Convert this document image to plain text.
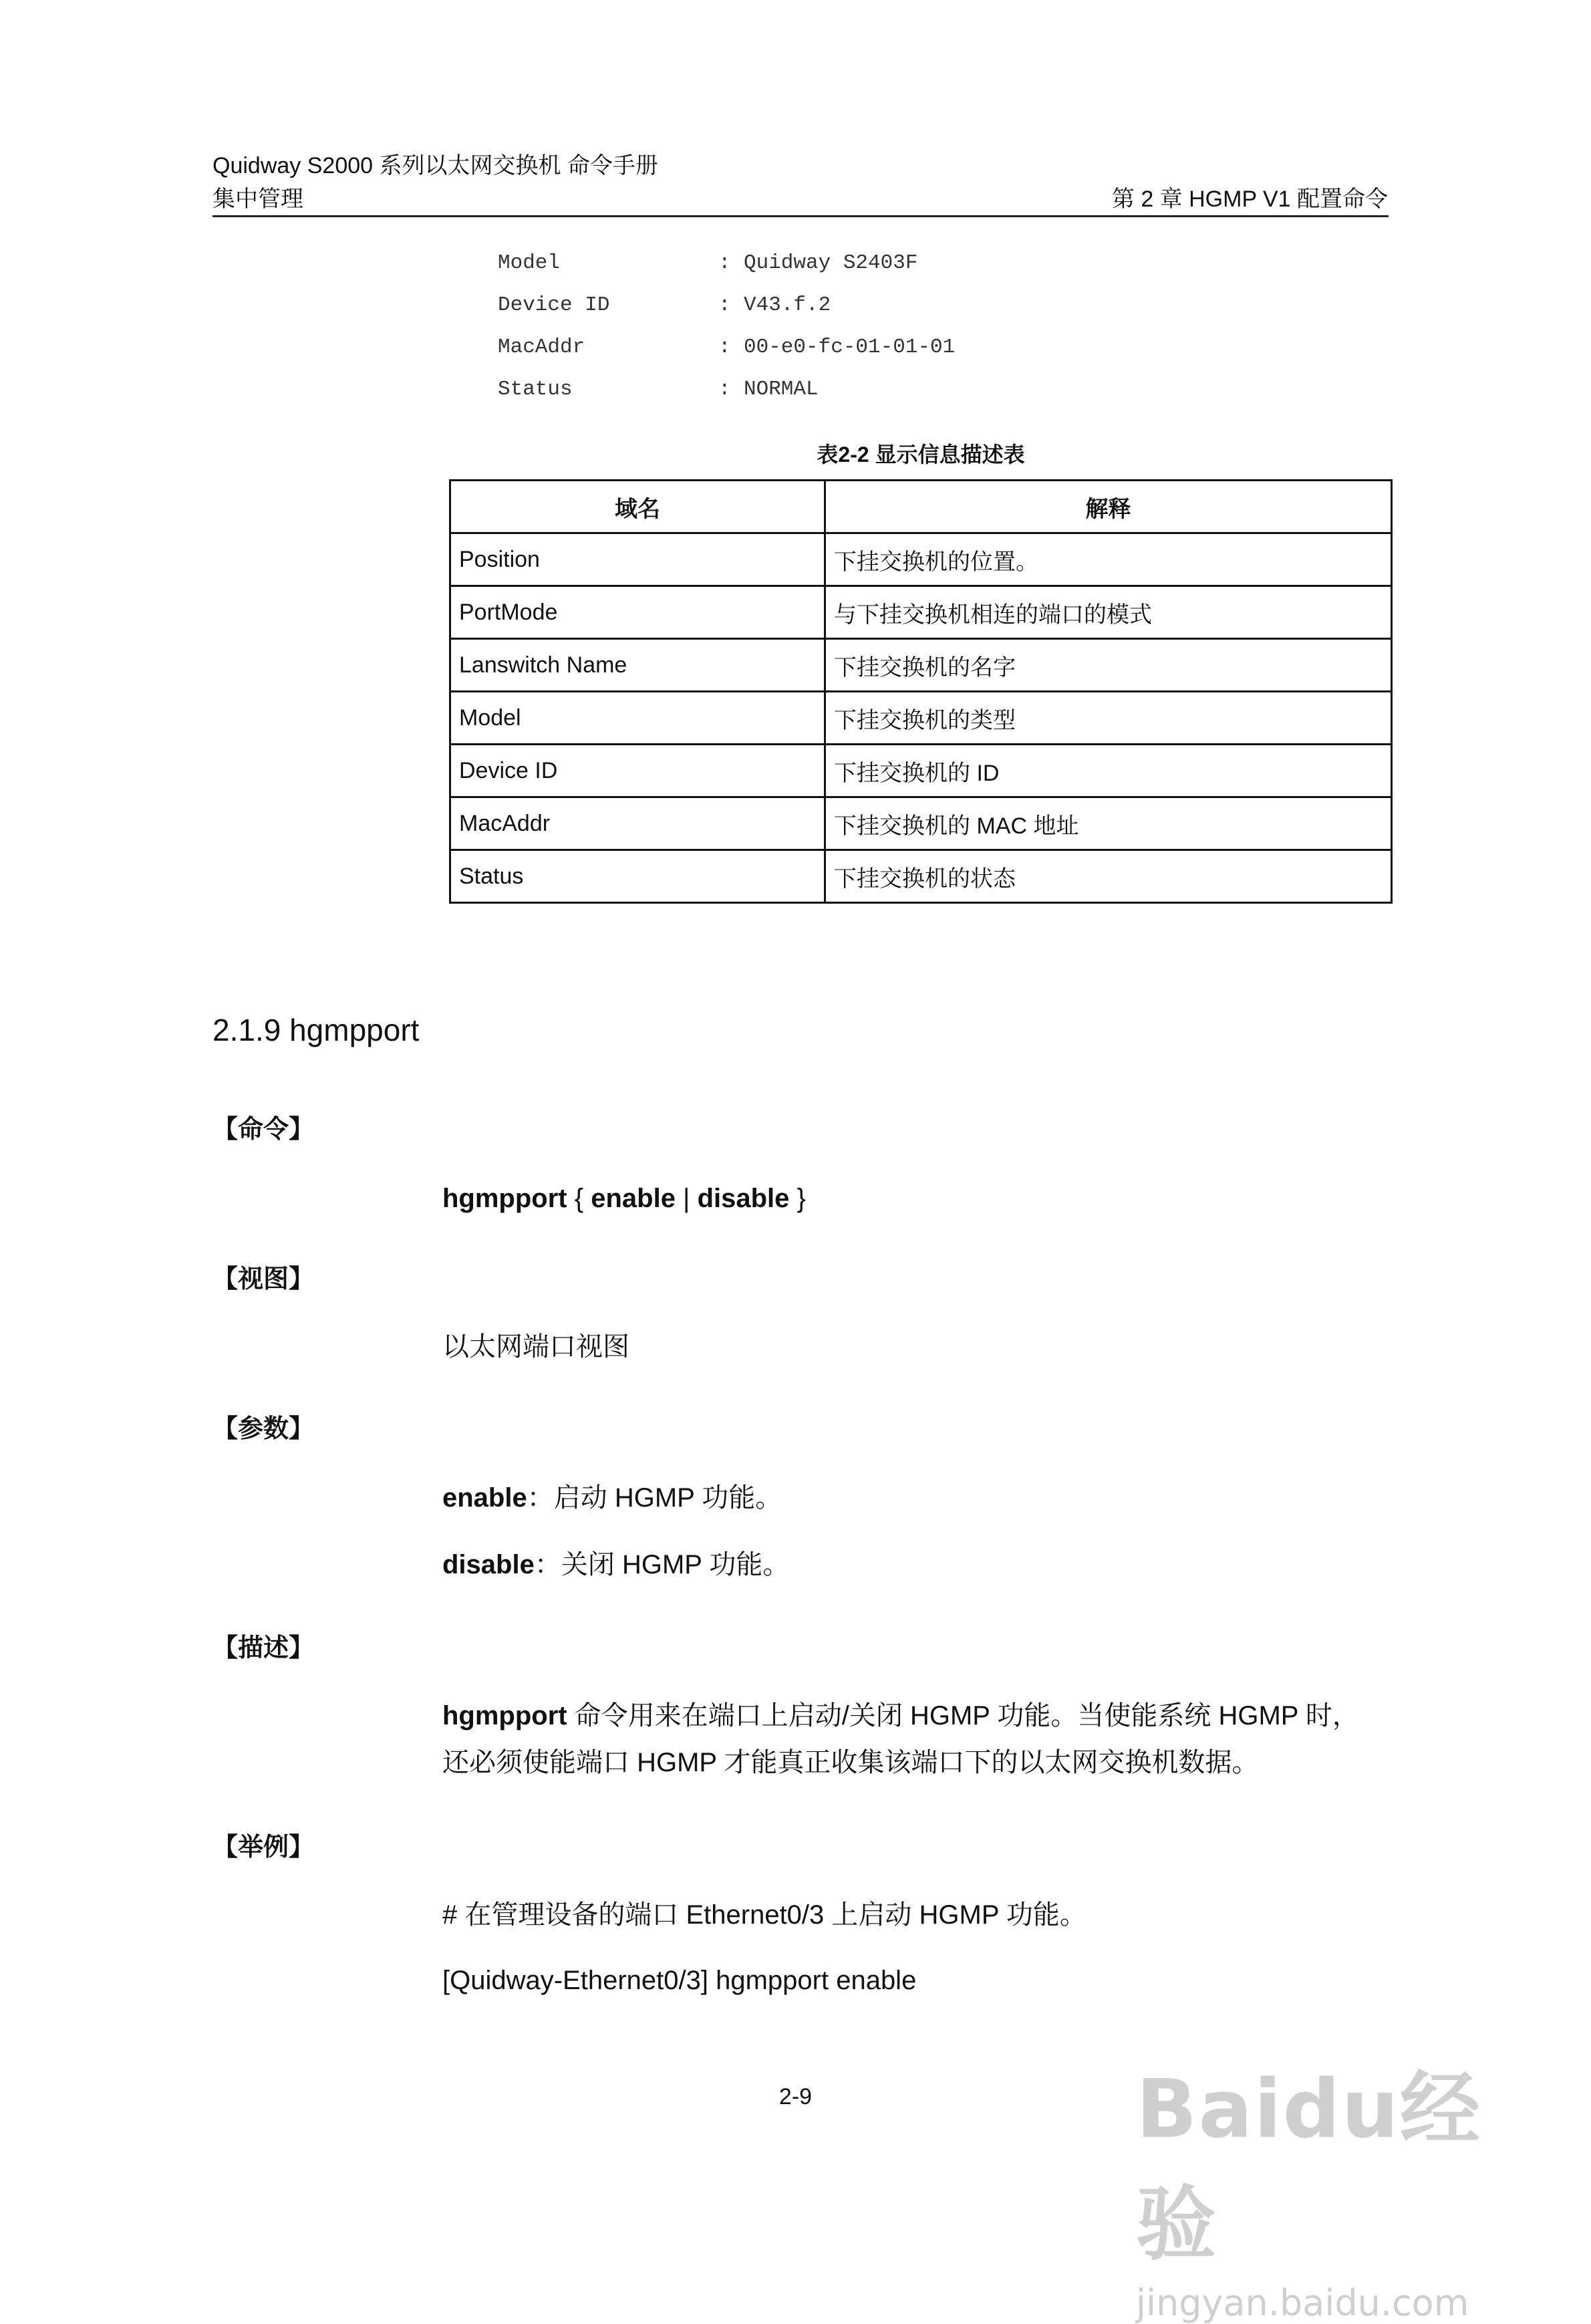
Quidway S2000 系列以太网交换机 命令手册
集中管理	第 2 章 HGMP V1 配置命令
Model	: Quidway S2403F
Device ID	: V43.f.2
MacAddr	: 00-e0-fc-01-01-01
Status	: NORMAL
表2-2 显示信息描述表
域名	解释
Position	下挂交换机的位置。
PortMode	与下挂交换机相连的端口的模式
Lanswitch Name	下挂交换机的名字
Model	下挂交换机的类型
Device ID	下挂交换机的 ID
MacAddr	下挂交换机的 MAC 地址
Status	下挂交换机的状态
2.1.9 hgmpport
【命令】
hgmpport { enable | disable }
【视图】
以太网端口视图
【参数】
enable：启动 HGMP 功能。
disable：关闭 HGMP 功能。
【描述】
hgmpport 命令用来在端口上启动/关闭 HGMP 功能。当使能系统 HGMP 时，
还必须使能端口 HGMP 才能真正收集该端口下的以太网交换机数据。
【举例】
# 在管理设备的端口 Ethernet0/3 上启动 HGMP 功能。
[Quidway-Ethernet0/3] hgmpport enable
2-9	Baidu经验
jingyan.baidu.com
